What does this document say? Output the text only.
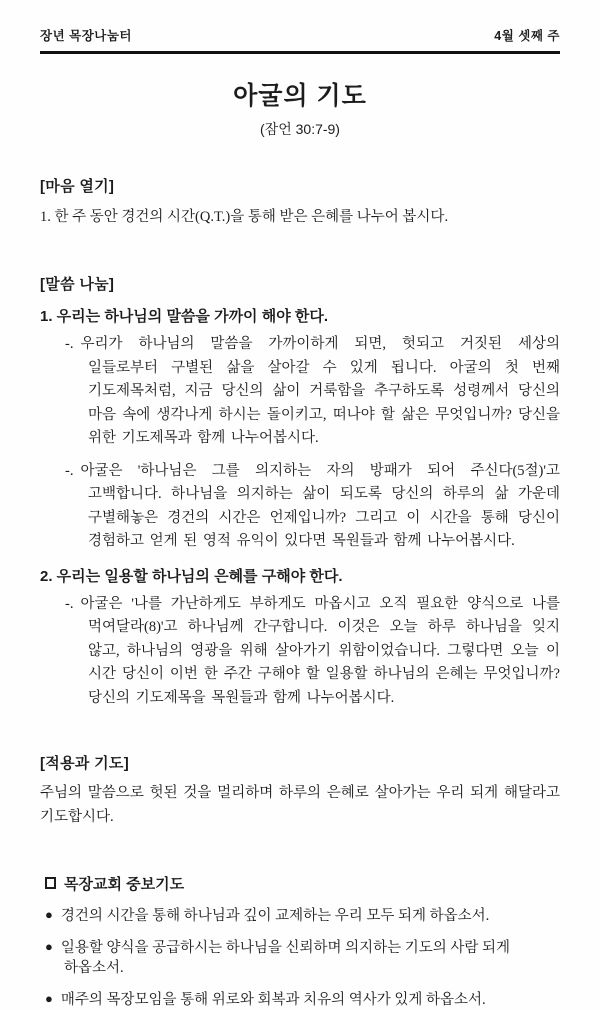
장년 목장나눔터	4월 셋째 주
아굴의 기도
(잠언 30:7-9)
[마음 열기]
1. 한 주 동안 경건의 시간(Q.T.)을 통해 받은 은혜를 나누어 봅시다.
[말씀 나눔]
1. 우리는 하나님의 말씀을 가까이 해야 한다.
-. 우리가 하나님의 말씀을 가까이하게 되면, 헛되고 거짓된 세상의 일들로부터 구별된 삶을 살아갈 수 있게 됩니다. 아굴의 첫 번째 기도제목처럼, 지금 당신의 삶이 거룩함을 추구하도록 성령께서 당신의 마음 속에 생각나게 하시는 돌이키고, 떠나야 할 삶은 무엇입니까? 당신을 위한 기도제목과 함께 나누어봅시다.
-. 아굴은 '하나님은 그를 의지하는 자의 방패가 되어 주신다(5절)'고 고백합니다. 하나님을 의지하는 삶이 되도록 당신의 하루의 삶 가운데 구별해놓은 경건의 시간은 언제입니까? 그리고 이 시간을 통해 당신이 경험하고 얻게 된 영적 유익이 있다면 목원들과 함께 나누어봅시다.
2. 우리는 일용할 하나님의 은혜를 구해야 한다.
-. 아굴은 '나를 가난하게도 부하게도 마옵시고 오직 필요한 양식으로 나를 먹여달라(8)'고 하나님께 간구합니다. 이것은 오늘 하루 하나님을 잊지 않고, 하나님의 영광을 위해 살아가기 위함이었습니다. 그렇다면 오늘 이 시간 당신이 이번 한 주간 구해야 할 일용할 하나님의 은혜는 무엇입니까? 당신의 기도제목을 목원들과 함께 나누어봅시다.
[적용과 기도]
주님의 말씀으로 헛된 것을 멀리하며 하루의 은혜로 살아가는 우리 되게 해달라고 기도합시다.
목장교회 중보기도
● 경건의 시간을 통해 하나님과 깊이 교제하는 우리 모두 되게 하옵소서.
● 일용할 양식을 공급하시는 하나님을 신뢰하며 의지하는 기도의 사람 되게 하옵소서.
● 매주의 목장모임을 통해 위로와 회복과 치유의 역사가 있게 하옵소서.
